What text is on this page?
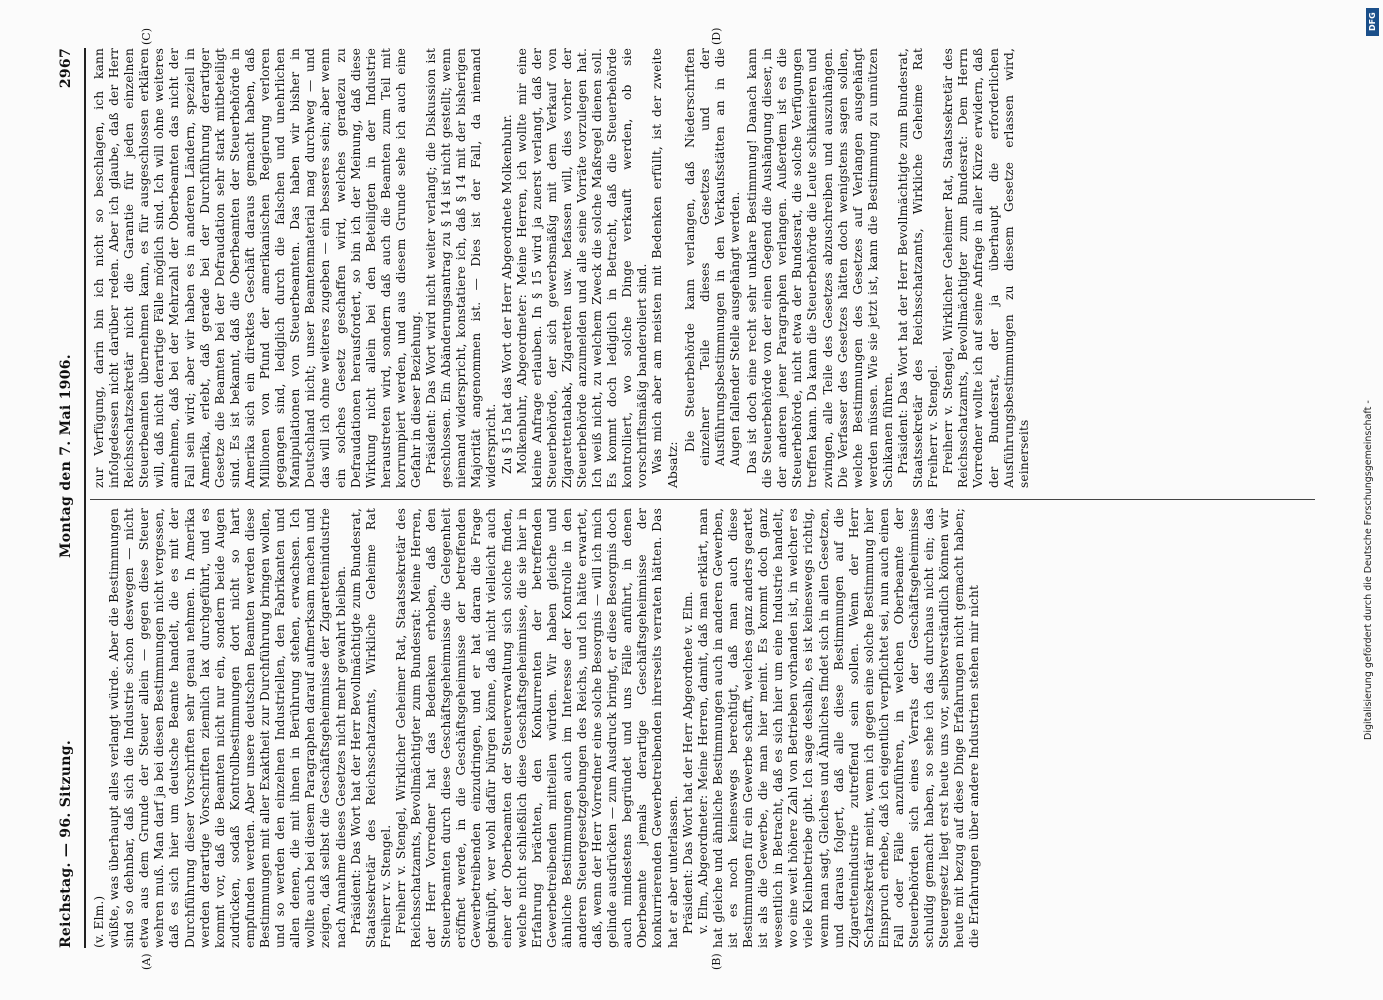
Reichstag. — 96. Sitzung.
Montag den 7. Mai 1906.
2967

(v. Elm.) wüßte, was überhaupt alles verlangt würde. Aber die Bestimmungen sind so dehnbar, daß sich die Industrie schon deswegen — nicht etwa aus dem Grunde der Steuer allein — gegen diese Steuer wehren muß. Man darf ja bei diesen Bestimmungen nicht vergessen, daß es sich hier um deutsche Beamte handelt, die es mit der Durchführung dieser Vorschriften sehr genau nehmen. In Amerika werden derartige Vorschriften ziemlich lax durchgeführt, und es kommt vor, daß die Beamten nicht nur ein, sondern beide Augen zudrücken, sodaß Kontrollbestimmungen dort nicht so hart empfunden werden. Aber unsere deutschen Beamten werden diese Bestimmungen mit aller Exaktheit zur Durchführung bringen wollen, und so werden den einzelnen Industriellen, den Fabrikanten und allen denen, die mit ihnen in Berührung stehen, erwachsen. Ich wollte auch bei diesem Paragraphen darauf aufmerksam machen und zeigen, daß selbst die Geschäftsgeheimnisse der Zigarettenindustrie nach Annahme dieses Gesetzes nicht mehr gewahrt bleiben. Präsident: Das Wort hat der Herr Bevollmächtigte zum Bundesrat, Staatssekretär des Reichsschatzamts, Wirkliche Geheime Rat Freiherr v. Stengel. Freiherr v. Stengel, Wirklicher Geheimer Rat, Staatssekretär des Reichsschatzamts, Bevollmächtigter zum Bundesrat: Meine Herren, der Herr Vorredner hat das Bedenken erhoben, daß den Steuerbeamten durch diese Geschäftsgeheimnisse die Gelegenheit eröffnet werde, in die Geschäftsgeheimnisse der betreffenden Gewerbetreibenden einzudringen, und er hat daran die Frage geknüpft, wer wohl dafür bürgen könne, daß nicht vielleicht auch einer der Oberbeamten der Steuerverwaltung sich solche finden, welche nicht schließlich diese Geschäftsgeheimnisse, die sie hier in Erfahrung brächten, den Konkurrenten der betreffenden Gewerbetreibenden mitteilen würden. Wir haben gleiche und ähnliche Bestimmungen auch im Interesse der Kontrolle in den anderen Steuergesetzgebungen des Reichs, und ich hätte erwartet, daß, wenn der Herr Vorredner eine solche Besorgnis — will ich mich gelinde ausdrücken — zum Ausdruck bringt, er diese Besorgnis doch auch mindestens begründet und uns Fälle anführt, in denen Oberbeamte jemals derartige Geschäftsgeheimnisse der konkurrierenden Gewerbetreibenden ihrerseits verraten hätten. Das hat er aber unterlassen. Präsident: Das Wort hat der Herr Abgeordnete v. Elm. v. Elm, Abgeordneter: Meine Herren, damit, daß man erklärt, man hat gleiche und ähnliche Bestimmungen auch in anderen Gewerben, ist es noch keineswegs berechtigt, daß man auch diese Bestimmungen für ein Gewerbe schafft, welches ganz anders geartet ist als die Gewerbe, die man hier meint. Es kommt doch ganz wesentlich in Betracht, daß es sich hier um eine Industrie handelt, wo eine weit höhere Zahl von Betrieben vorhanden ist, in welcher es viele Kleinbetriebe gibt. Ich sage deshalb, es ist keineswegs richtig, wenn man sagt, Gleiches und Ähnliches findet sich in allen Gesetzen, und daraus folgert, daß alle diese Bestimmungen auf die Zigarettenindustrie zutreffend sein sollen. Wenn der Herr Schatzsekretär meint, wenn ich gegen eine solche Bestimmung hier Einspruch erhebe, daß ich eigentlich verpflichtet sei, nun auch einen Fall oder Fälle anzuführen, in welchen Oberbeamte der Steuerbehörden sich eines Verrats der Geschäftsgeheimnisse schuldig gemacht haben, so sehe ich das durchaus nicht ein; das Steuergesetz liegt erst heute uns vor, selbstverständlich können wir heute mit bezug auf diese Dinge Erfahrungen nicht gemacht haben; die Erfahrungen über andere Industrien stehen mir nicht

zur Verfügung, darin bin ich nicht so beschlagen, ich kann infolgedessen nicht darüber reden. Aber ich glaube, daß der Herr Reichsschatzsekretär nicht die Garantie für jeden einzelnen Steuerbeamten übernehmen kann, es für ausgeschlossen erklären will, daß nicht derartige Fälle möglich sind. Ich will ohne weiteres annehmen, daß bei der Mehrzahl der Oberbeamten das nicht der Fall sein wird; aber wir haben es in anderen Ländern, speziell in Amerika, erlebt, daß gerade bei der Durchführung derartiger Gesetze die Beamten bei der Defraudation sehr stark mitbeteiligt sind. Es ist bekannt, daß die Oberbeamten der Steuerbehörde in Amerika sich ein direktes Geschäft daraus gemacht haben, daß Millionen von Pfund der amerikanischen Regierung verloren gegangen sind, lediglich durch die falschen und unehrlichen Manipulationen von Steuerbeamten. Das haben wir bisher in Deutschland nicht; unser Beamtenmaterial mag durchweg — und das will ich ohne weiteres zugeben — ein besseres sein; aber wenn ein solches Gesetz geschaffen wird, welches geradezu zu Defraudationen herausfordert, so bin ich der Meinung, daß diese Wirkung nicht allein bei den Beteiligten in der Industrie heraustreten wird, sondern daß auch die Beamten zum Teil mit korrumpiert werden, und aus diesem Grunde sehe ich auch eine Gefahr in dieser Beziehung. Präsident: Das Wort wird nicht weiter verlangt; die Diskussion ist geschlossen. Ein Abänderungsantrag zu § 14 ist nicht gestellt; wenn niemand widerspricht, konstatiere ich, daß § 14 mit der bisherigen Majorität angenommen ist. — Dies ist der Fall, da niemand widerspricht. Zu § 15 hat das Wort der Herr Abgeordnete Molkenbuhr. Molkenbuhr, Abgeordneter: Meine Herren, ich wollte mir eine kleine Anfrage erlauben. In § 15 wird ja zuerst verlangt, daß der Steuerbehörde, der sich gewerbsmäßig mit dem Verkauf von Zigarettentabak, Zigaretten usw. befassen will, dies vorher der Steuerbehörde anzumelden und alle seine Vorräte vorzulegen hat. Ich weiß nicht, zu welchem Zweck die solche Maßregel dienen soll. Es kommt doch lediglich in Betracht, daß die Steuerbehörde kontrolliert, wo solche Dinge verkauft werden, ob sie vorschriftsmäßig banderoliert sind. Was mich aber am meisten mit Bedenken erfüllt, ist der zweite Absatz:

Die Steuerbehörde kann verlangen, daß Niederschriften einzelner Teile dieses Gesetzes und der Ausführungsbestimmungen in den Verkaufsstätten an in die Augen fallender Stelle ausgehängt werden. Das ist doch eine recht sehr unklare Bestimmung! Danach kann die Steuerbehörde von der einen Gegend die Aushängung dieser, in der anderen jener Paragraphen verlangen. Außerdem ist es die Steuerbehörde, nicht etwa der Bundesrat, die solche Verfügungen treffen kann. Da kann die Steuerbehörde die Leute schikanieren und zwingen, alle Teile des Gesetzes abzuschreiben und auszuhängen. Die Verfasser des Gesetzes hätten doch wenigstens sagen sollen, welche Bestimmungen des Gesetzes auf Verlangen ausgehängt werden müssen. Wie sie jetzt ist, kann die Bestimmung zu unnützen Schikanen führen. Präsident: Das Wort hat der Herr Bevollmächtigte zum Bundesrat, Staatssekretär des Reichsschatzamts, Wirkliche Geheime Rat Freiherr v. Stengel. Freiherr v. Stengel, Wirklicher Geheimer Rat, Staatssekretär des Reichsschatzamts, Bevollmächtigter zum Bundesrat: Dem Herrn Vorredner wollte ich auf seine Anfrage in aller Kürze erwidern, daß der Bundesrat, der ja überhaupt die erforderlichen Ausführungsbestimmungen zu diesem Gesetze erlassen wird, seinerseits

(A)	(B)
(C)	(D)
DFG
Digitalisierung gefördert durch die Deutsche Forschungsgemeinschaft -
